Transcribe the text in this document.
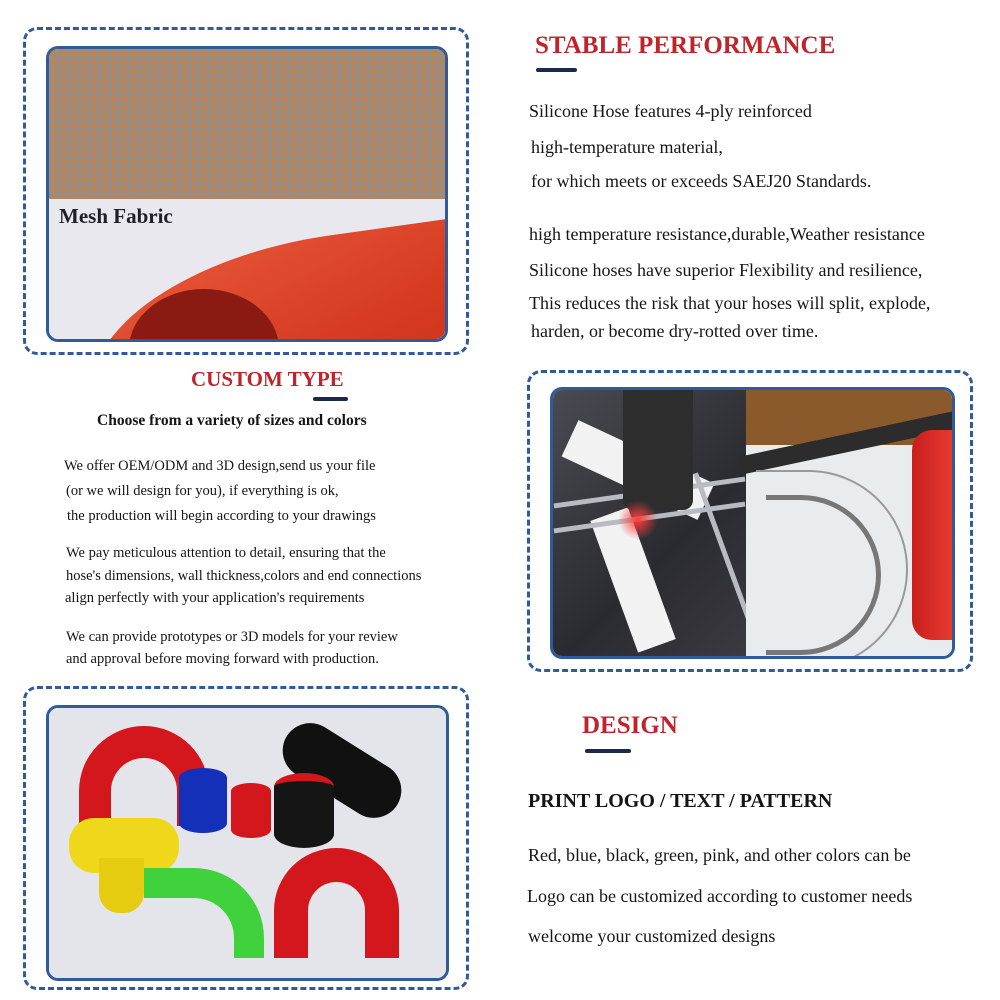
Mesh Fabric
STABLE PERFORMANCE
Silicone Hose features 4-ply reinforced
high-temperature material,
for which meets or exceeds SAEJ20 Standards.
high temperature resistance,durable,Weather resistance
Silicone hoses have superior Flexibility and resilience,
This reduces the risk that your hoses will split, explode,
harden, or become dry-rotted over time.
CUSTOM TYPE
Choose from a variety of sizes and colors
We offer OEM/ODM and 3D design,send us your file
(or we will design for you), if everything is ok,
the production will begin according to your drawings
We pay meticulous attention to detail, ensuring that the
hose's dimensions, wall thickness,colors and end connections
align perfectly with your application's requirements
We can provide prototypes or 3D models for your review
and approval before moving forward with production.
DESIGN
PRINT LOGO / TEXT / PATTERN
Red, blue, black, green, pink, and other colors can be
Logo can be customized according to customer needs
welcome your customized designs
